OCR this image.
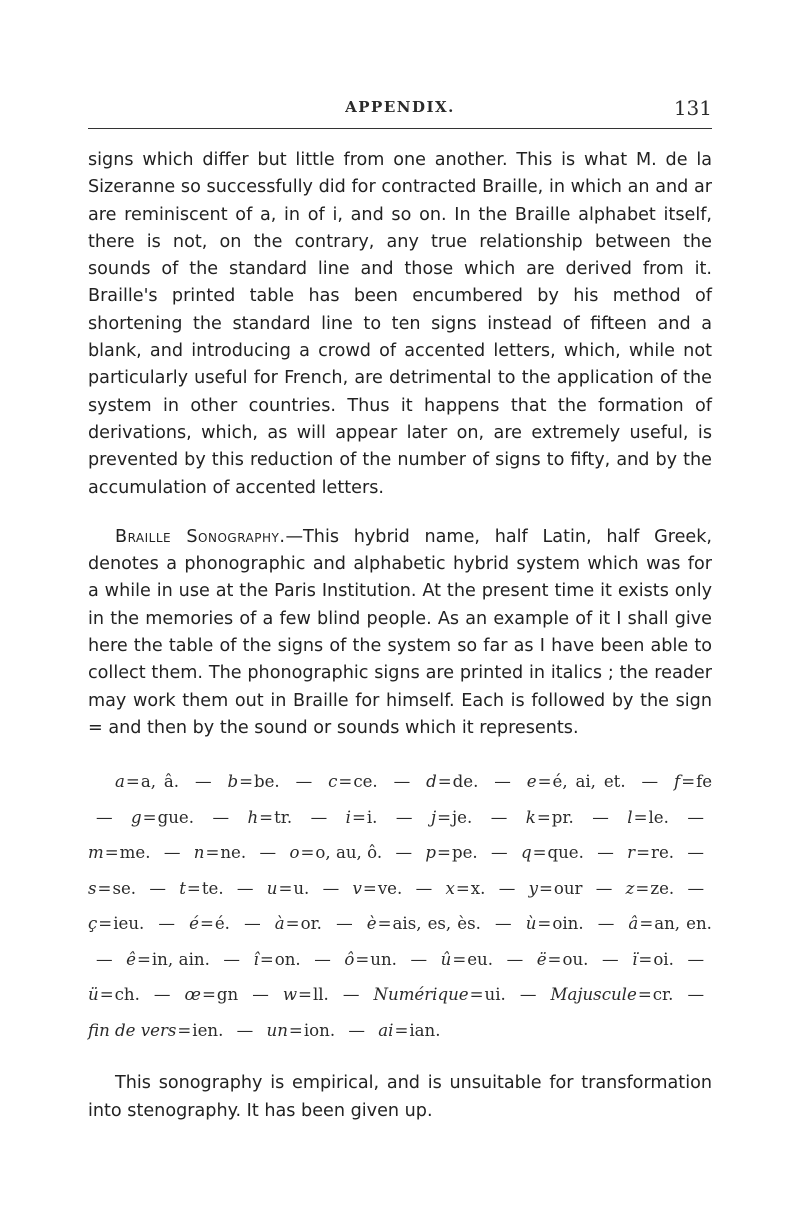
APPENDIX.	131

signs which differ but little from one another. This is what M. de la Sizeranne so successfully did for contracted Braille, in which an and ar are reminiscent of a, in of i, and so on. In the Braille alphabet itself, there is not, on the contrary, any true relationship between the sounds of the standard line and those which are derived from it. Braille's printed table has been encumbered by his method of shortening the standard line to ten signs instead of fifteen and a blank, and introducing a crowd of accented letters, which, while not particularly useful for French, are detrimental to the application of the system in other countries. Thus it happens that the formation of derivations, which, as will appear later on, are extremely useful, is prevented by this reduction of the number of signs to fifty, and by the accumulation of accented letters.

Braille Sonography.—This hybrid name, half Latin, half Greek, denotes a phonographic and alphabetic hybrid system which was for a while in use at the Paris Institution. At the present time it exists only in the memories of a few blind people. As an example of it I shall give here the table of the signs of the system so far as I have been able to collect them. The phonographic signs are printed in italics ; the reader may work them out in Braille for himself. Each is followed by the sign = and then by the sound or sounds which it represents.

a=a, â. — b=be. — c=ce. — d=de. — e=é, ai, et. — f=fe — g=gue. — h=tr. — i=i. — j=je. — k=pr. — l=le. — m=me. — n=ne. — o=o, au, ô. — p=pe. — q=que. — r=re. — s=se. — t=te. — u=u. — v=ve. — x=x. — y=our — z=ze. — ç=ieu. — é=é. — à=or. — è=ais, es, ès. — ù=oin. — â=an, en. — ê=in, ain. — î=on. — ô=un. — û=eu. — ë=ou. — ï=oi. — ü=ch. — œ=gn — w=ll. — Numérique=ui. — Majuscule=cr. — fin de vers=ien. — un=ion. — ai=ian.

This sonography is empirical, and is unsuitable for transformation into stenography. It has been given up.
